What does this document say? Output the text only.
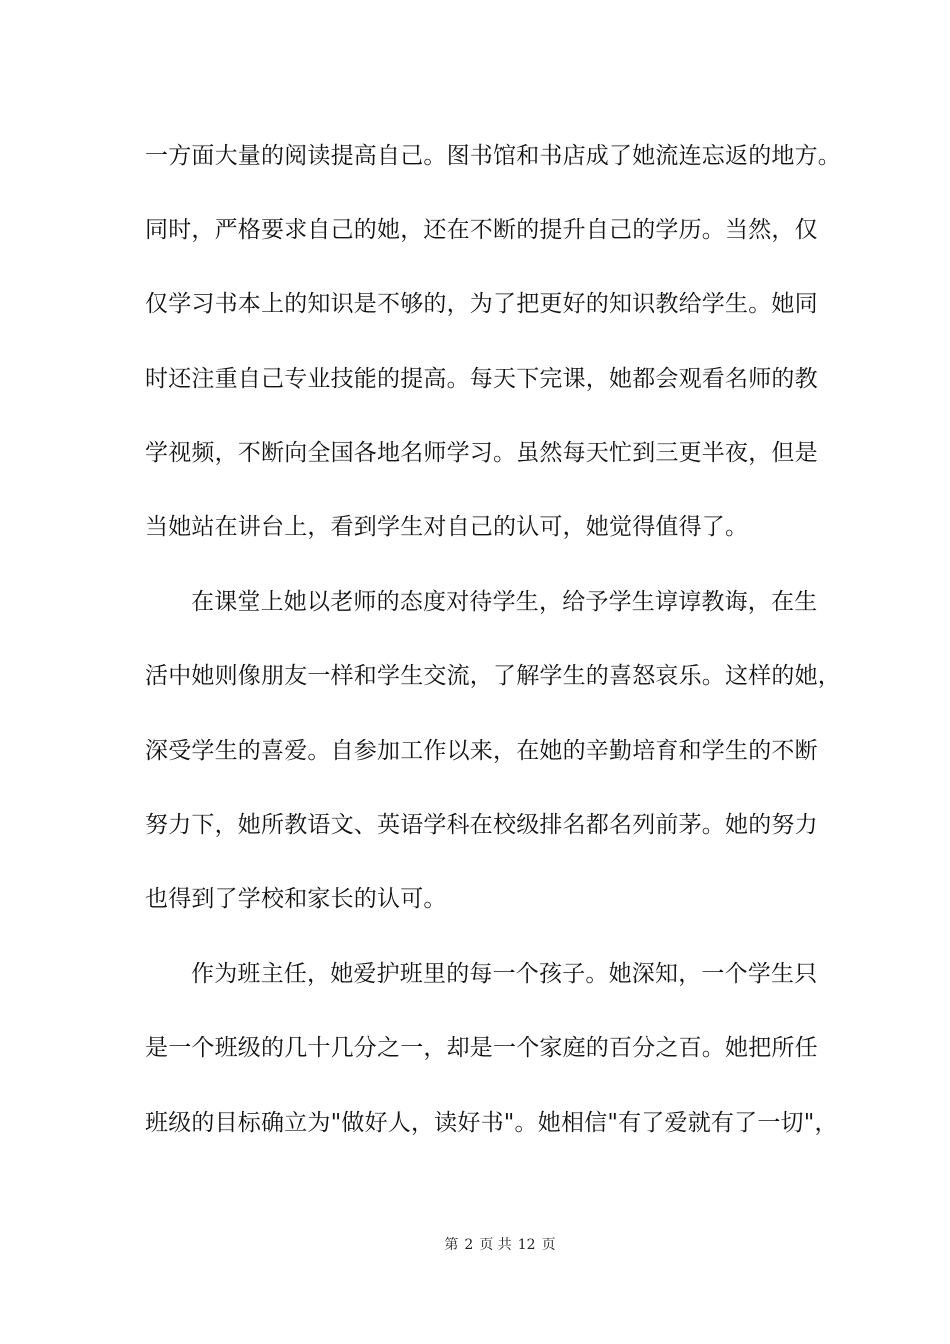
一方面大量的阅读提高自己。图书馆和书店成了她流连忘返的地方。
同时，严格要求自己的她，还在不断的提升自己的学历。当然，仅
仅学习书本上的知识是不够的，为了把更好的知识教给学生。她同
时还注重自己专业技能的提高。每天下完课，她都会观看名师的教
学视频，不断向全国各地名师学习。虽然每天忙到三更半夜，但是
当她站在讲台上，看到学生对自己的认可，她觉得值得了。
在课堂上她以老师的态度对待学生，给予学生谆谆教诲，在生
活中她则像朋友一样和学生交流，了解学生的喜怒哀乐。这样的她，
深受学生的喜爱。自参加工作以来，在她的辛勤培育和学生的不断
努力下，她所教语文、英语学科在校级排名都名列前茅。她的努力
也得到了学校和家长的认可。
作为班主任，她爱护班里的每一个孩子。她深知，一个学生只
是一个班级的几十几分之一，却是一个家庭的百分之百。她把所任
班级的目标确立为"做好人，读好书"。她相信"有了爱就有了一切"，
第 2 页 共 12 页
